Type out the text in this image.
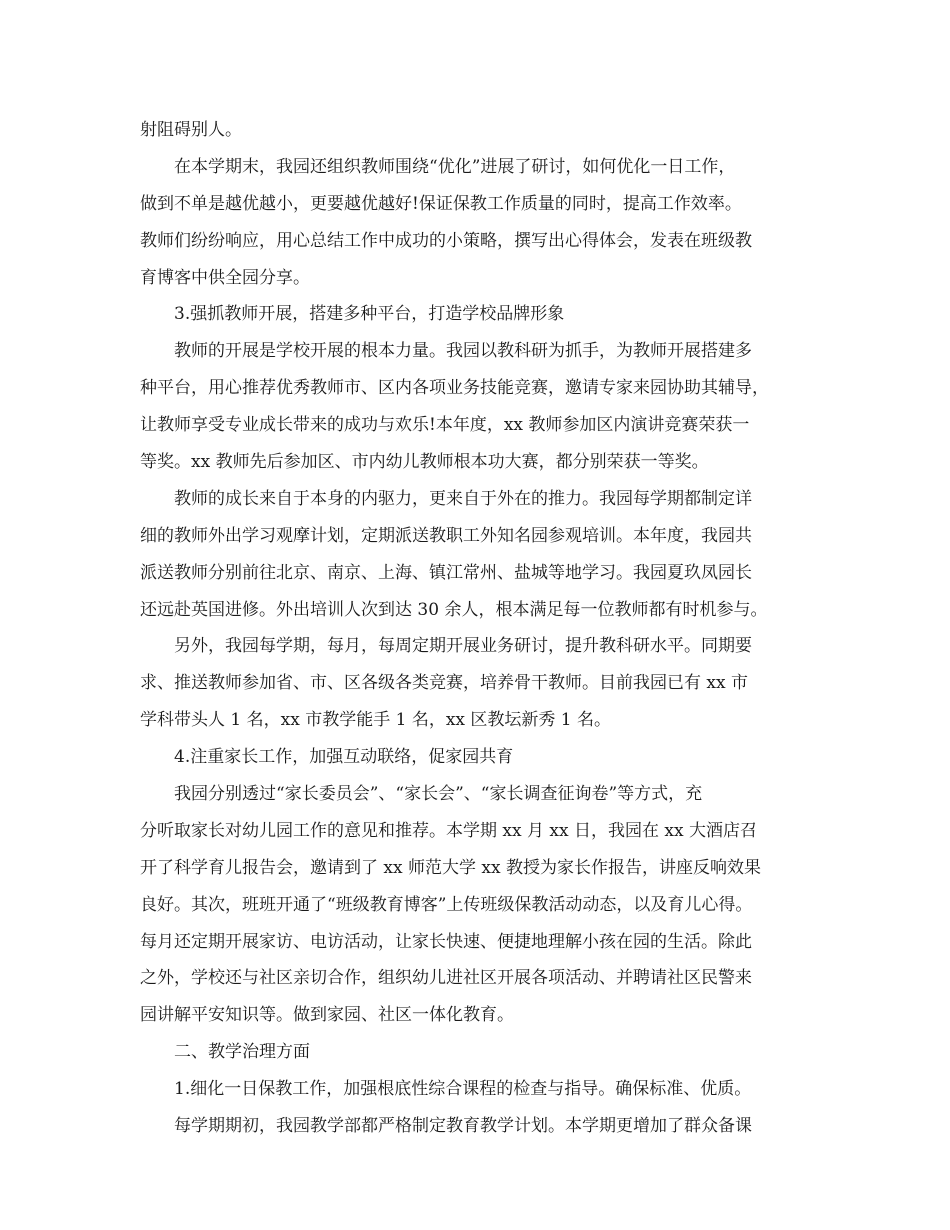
射阻碍别人。
在本学期末，我园还组织教师围绕“优化”进展了研讨，如何优化一日工作，
做到不单是越优越小，更要越优越好!保证保教工作质量的同时，提高工作效率。
教师们纷纷响应，用心总结工作中成功的小策略，撰写出心得体会，发表在班级教
育博客中供全园分享。
3.强抓教师开展，搭建多种平台，打造学校品牌形象
教师的开展是学校开展的根本力量。我园以教科研为抓手，为教师开展搭建多
种平台，用心推荐优秀教师市、区内各项业务技能竞赛，邀请专家来园协助其辅导，
让教师享受专业成长带来的成功与欢乐!本年度，xx 教师参加区内演讲竞赛荣获一
等奖。xx 教师先后参加区、市内幼儿教师根本功大赛，都分别荣获一等奖。
教师的成长来自于本身的内驱力，更来自于外在的推力。我园每学期都制定详
细的教师外出学习观摩计划，定期派送教职工外知名园参观培训。本年度，我园共
派送教师分别前往北京、南京、上海、镇江常州、盐城等地学习。我园夏玖凤园长
还远赴英国进修。外出培训人次到达 30 余人，根本满足每一位教师都有时机参与。
另外，我园每学期，每月，每周定期开展业务研讨，提升教科研水平。同期要
求、推送教师参加省、市、区各级各类竞赛，培养骨干教师。目前我园已有 xx 市
学科带头人 1 名，xx 市教学能手 1 名，xx 区教坛新秀 1 名。
4.注重家长工作，加强互动联络，促家园共育
我园分别透过“家长委员会”、“家长会”、“家长调查征询卷”等方式，充
分听取家长对幼儿园工作的意见和推荐。本学期 xx 月 xx 日，我园在 xx 大酒店召
开了科学育儿报告会，邀请到了 xx 师范大学 xx 教授为家长作报告，讲座反响效果
良好。其次，班班开通了“班级教育博客”上传班级保教活动动态，以及育儿心得。
每月还定期开展家访、电访活动，让家长快速、便捷地理解小孩在园的生活。除此
之外，学校还与社区亲切合作，组织幼儿进社区开展各项活动、并聘请社区民警来
园讲解平安知识等。做到家园、社区一体化教育。
二、教学治理方面
1.细化一日保教工作，加强根底性综合课程的检查与指导。确保标准、优质。
每学期期初，我园教学部都严格制定教育教学计划。本学期更增加了群众备课
